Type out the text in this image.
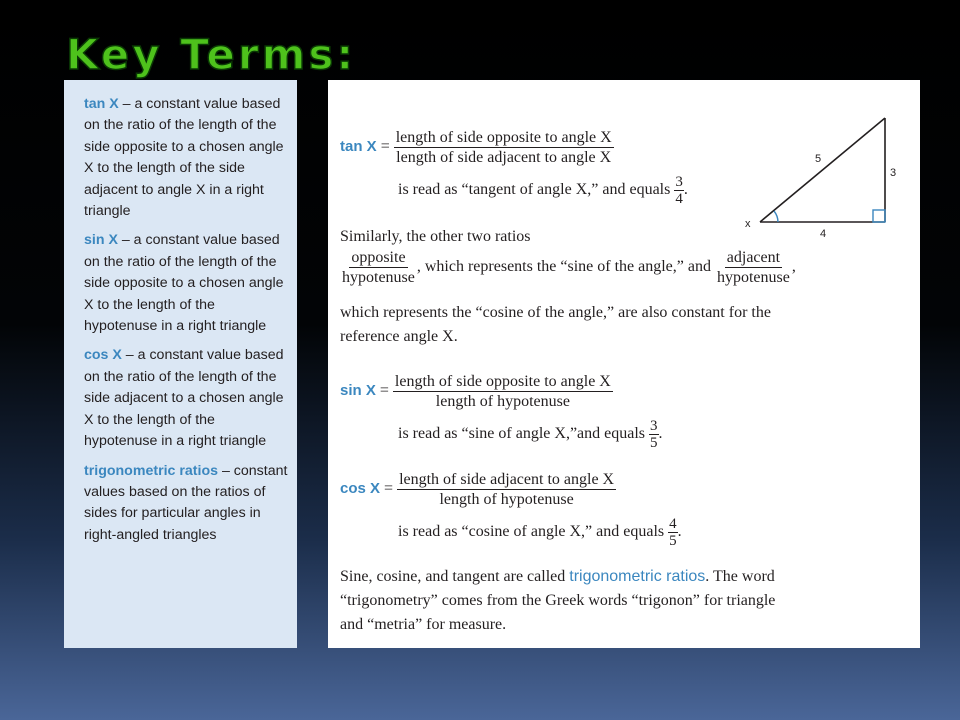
Key Terms:

tan X – a constant value based on the ratio of the length of the side opposite to a chosen angle X to the length of the side adjacent to angle X in a right triangle

sin X – a constant value based on the ratio of the length of the side opposite to a chosen angle X to the length of the hypotenuse in a right triangle

cos X – a constant value based on the ratio of the length of the side adjacent to a chosen angle X to the length of the hypotenuse in a right triangle

trigonometric ratios – constant values based on the ratios of sides for particular angles in right-angled triangles

$\tan X = \frac{\text{length of side opposite to angle X}}{\text{length of side adjacent to angle X}}$
is read as “tangent of angle X,” and equals $\frac{3}{4}$ .
x
5
3
4
Similarly, the other two ratios
$\frac{\text{opposite}}{\text{hypotenuse}}$ , which represents the “sine of the angle,” and $\frac{\text{adjacent}}{\text{hypotenuse}}$ ,
which represents the “cosine of the angle,” are also constant for the
reference angle X.
$\sin X = \frac{\text{length of side opposite to angle X}}{\text{length of hypotenuse}}$
is read as “sine of angle X,”and equals $\frac{3}{5}$ .
$\cos X = \frac{\text{length of side adjacent to angle X}}{\text{length of hypotenuse}}$
is read as “cosine of angle X,” and equals $\frac{4}{5}$ .
Sine, cosine, and tangent are called trigonometric ratios. The word
“trigonometry” comes from the Greek words “trigonon” for triangle
and “metria” for measure.
